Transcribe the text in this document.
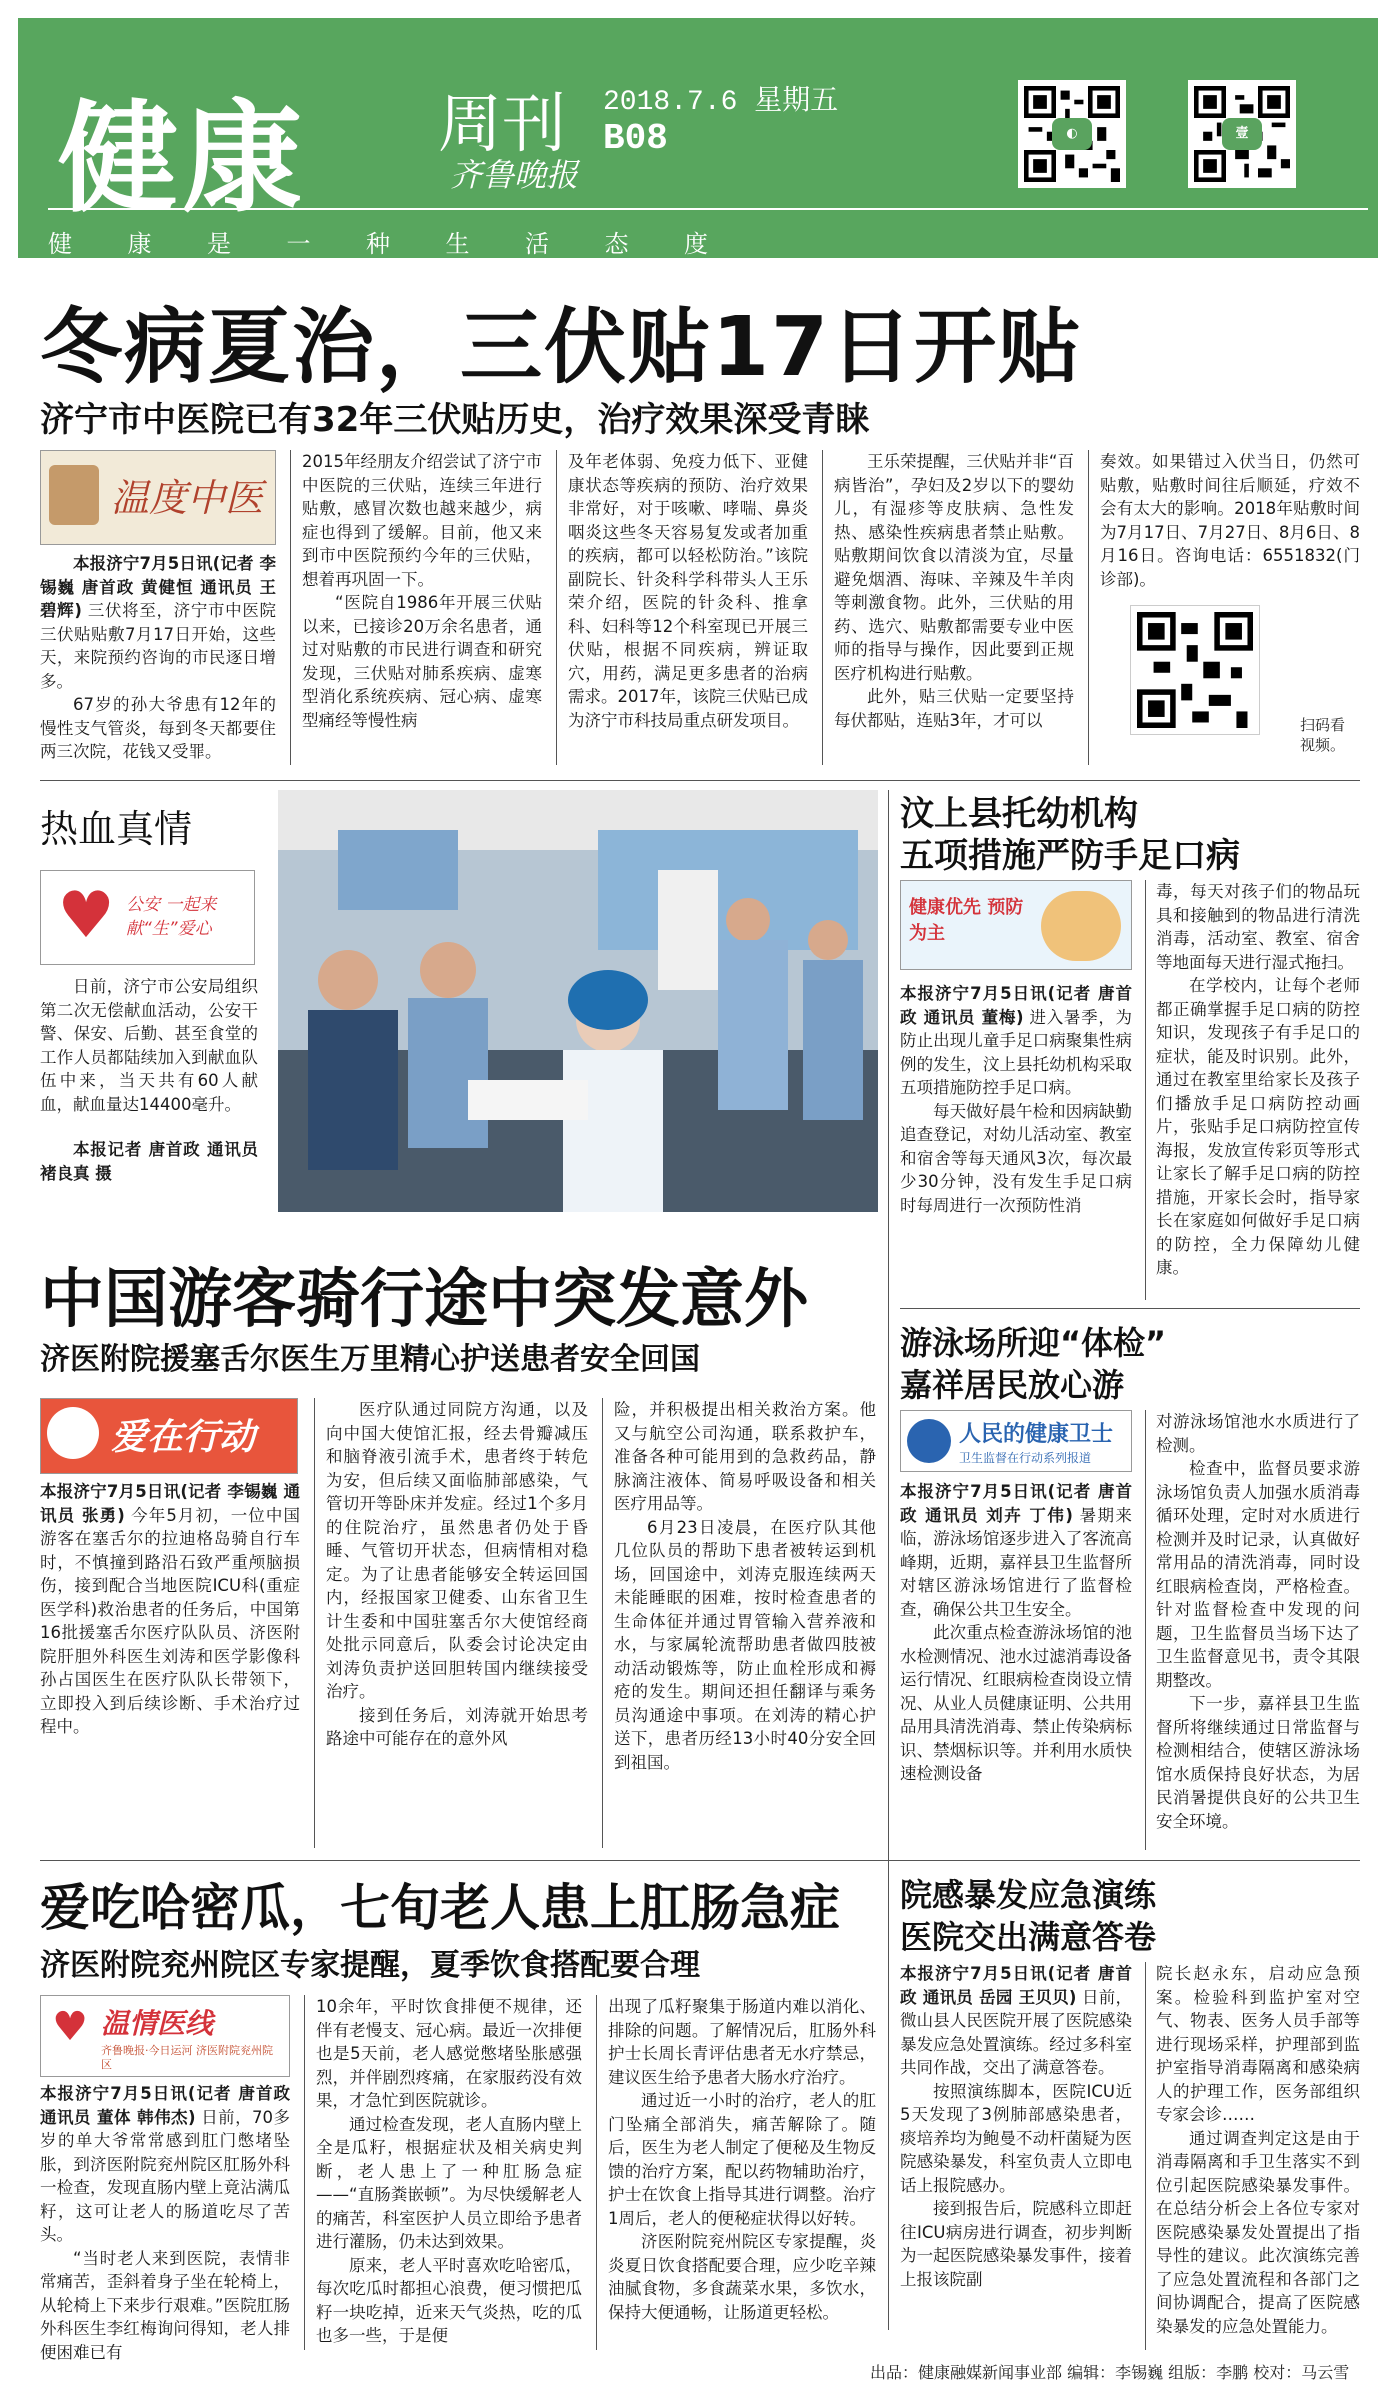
健康 周刊 2018.7.6 星期五
B08
齐鲁晚报
健 康 是 一 种 生 活 态 度
◐	壹
冬病夏治，三伏贴17日开贴
济宁市中医院已有32年三伏贴历史，治疗效果深受青睐
温度中医

本报济宁7月5日讯(记者 李锡巍 唐首政 黄健恒 通讯员 王碧辉) 三伏将至，济宁市中医院三伏贴贴敷7月17日开始，这些天，来院预约咨询的市民逐日增多。

67岁的孙大爷患有12年的慢性支气管炎，每到冬天都要住两三次院，花钱又受罪。

2015年经朋友介绍尝试了济宁市中医院的三伏贴，连续三年进行贴敷，感冒次数也越来越少，病症也得到了缓解。目前，他又来到市中医院预约今年的三伏贴，想着再巩固一下。

“医院自1986年开展三伏贴以来，已接诊20万余名患者，通过对贴敷的市民进行调查和研究发现，三伏贴对肺系疾病、虚寒型消化系统疾病、冠心病、虚寒型痛经等慢性病

及年老体弱、免疫力低下、亚健康状态等疾病的预防、治疗效果非常好，对于咳嗽、哮喘、鼻炎咽炎这些冬天容易复发或者加重的疾病，都可以轻松防治。”该院副院长、针灸科学科带头人王乐荣介绍，医院的针灸科、推拿科、妇科等12个科室现已开展三伏贴，根据不同疾病，辨证取穴，用药，满足更多患者的治病需求。2017年，该院三伏贴已成为济宁市科技局重点研发项目。

王乐荣提醒，三伏贴并非“百病皆治”，孕妇及2岁以下的婴幼儿，有湿疹等皮肤病、急性发热、感染性疾病患者禁止贴敷。贴敷期间饮食以清淡为宜，尽量避免烟酒、海味、辛辣及牛羊肉等刺激食物。此外，三伏贴的用药、选穴、贴敷都需要专业中医师的指导与操作，因此要到正规医疗机构进行贴敷。

此外，贴三伏贴一定要坚持每伏都贴，连贴3年，才可以

奏效。如果错过入伏当日，仍然可贴敷，贴敷时间往后顺延，疗效不会有太大的影响。2018年贴敷时间为7月17日、7月27日、8月6日、8月16日。咨询电话：6551832(门诊部)。

扫码看视频。
热血真情
♥ 公安 一起来献“生”爱心

日前，济宁市公安局组织第二次无偿献血活动，公安干警、保安、后勤、甚至食堂的工作人员都陆续加入到献血队伍中来，当天共有60人献血，献血量达14400毫升。

本报记者 唐首政 通讯员 褚良真 摄

汶上县托幼机构
五项措施严防手足口病
健康优先 预防为主

本报济宁7月5日讯(记者 唐首政 通讯员 董梅) 进入暑季，为防止出现儿童手足口病聚集性病例的发生，汶上县托幼机构采取五项措施防控手足口病。

每天做好晨午检和因病缺勤追查登记，对幼儿活动室、教室和宿舍等每天通风3次，每次最少30分钟，没有发生手足口病时每周进行一次预防性消

毒，每天对孩子们的物品玩具和接触到的物品进行清洗消毒，活动室、教室、宿舍等地面每天进行湿式拖扫。

在学校内，让每个老师都正确掌握手足口病的防控知识，发现孩子有手足口的症状，能及时识别。此外，通过在教室里给家长及孩子们播放手足口病防控动画片，张贴手足口病防控宣传海报，发放宣传彩页等形式让家长了解手足口病的防控措施，开家长会时，指导家长在家庭如何做好手足口病的防控，全力保障幼儿健康。

中国游客骑行途中突发意外
济医附院援塞舌尔医生万里精心护送患者安全回国
爱在行动

本报济宁7月5日讯(记者 李锡巍 通讯员 张勇) 今年5月初，一位中国游客在塞舌尔的拉迪格岛骑自行车时，不慎撞到路沿石致严重颅脑损伤，接到配合当地医院ICU科(重症医学科)救治患者的任务后，中国第16批援塞舌尔医疗队队员、济医附院肝胆外科医生刘涛和医学影像科孙占国医生在医疗队队长带领下，立即投入到后续诊断、手术治疗过程中。

医疗队通过同院方沟通，以及向中国大使馆汇报，经去骨瓣减压和脑脊液引流手术，患者终于转危为安，但后续又面临肺部感染，气管切开等卧床并发症。经过1个多月的住院治疗，虽然患者仍处于昏睡、气管切开状态，但病情相对稳定。为了让患者能够安全转运回国内，经报国家卫健委、山东省卫生计生委和中国驻塞舌尔大使馆经商处批示同意后，队委会讨论决定由刘涛负责护送回胆转国内继续接受治疗。

接到任务后，刘涛就开始思考路途中可能存在的意外风

险，并积极提出相关救治方案。他又与航空公司沟通，联系救护车，准备各种可能用到的急救药品，静脉滴注液体、简易呼吸设备和相关医疗用品等。

6月23日凌晨，在医疗队其他几位队员的帮助下患者被转运到机场，回国途中，刘涛克服连续两天未能睡眠的困难，按时检查患者的生命体征并通过胃管输入营养液和水，与家属轮流帮助患者做四肢被动活动锻炼等，防止血栓形成和褥疮的发生。期间还担任翻译与乘务员沟通途中事项。在刘涛的精心护送下，患者历经13小时40分安全回到祖国。

游泳场所迎“体检”
嘉祥居民放心游
人民的健康卫士
卫生监督在行动系列报道

本报济宁7月5日讯(记者 唐首政 通讯员 刘卉 丁伟) 暑期来临，游泳场馆逐步进入了客流高峰期，近期，嘉祥县卫生监督所对辖区游泳场馆进行了监督检查，确保公共卫生安全。

此次重点检查游泳场馆的池水检测情况、池水过滤消毒设备运行情况、红眼病检查岗设立情况、从业人员健康证明、公共用品用具清洗消毒、禁止传染病标识、禁烟标识等。并利用水质快速检测设备

对游泳场馆池水水质进行了检测。

检查中，监督员要求游泳场馆负责人加强水质消毒循环处理，定时对水质进行检测并及时记录，认真做好常用品的清洗消毒，同时设红眼病检查岗，严格检查。针对监督检查中发现的问题，卫生监督员当场下达了卫生监督意见书，责令其限期整改。

下一步，嘉祥县卫生监督所将继续通过日常监督与检测相结合，使辖区游泳场馆水质保持良好状态，为居民消暑提供良好的公共卫生安全环境。

爱吃哈密瓜，七旬老人患上肛肠急症
济医附院兖州院区专家提醒，夏季饮食搭配要合理
♥ 温情医线
齐鲁晚报·今日运河 济医附院兖州院区

本报济宁7月5日讯(记者 唐首政 通讯员 董体 韩伟杰) 日前，70多岁的单大爷常常感到肛门憋堵坠胀，到济医附院兖州院区肛肠外科一检查，发现直肠内壁上竟沾满瓜籽，这可让老人的肠道吃尽了苦头。

“当时老人来到医院，表情非常痛苦，歪斜着身子坐在轮椅上，从轮椅上下来步行艰难。”医院肛肠外科医生李红梅询问得知，老人排便困难已有

10余年，平时饮食排便不规律，还伴有老慢支、冠心病。最近一次排便也是5天前，老人感觉憋堵坠胀感强烈，并伴剧烈疼痛，在家服药没有效果，才急忙到医院就诊。

通过检查发现，老人直肠内壁上全是瓜籽，根据症状及相关病史判断，老人患上了一种肛肠急症——“直肠粪嵌顿”。为尽快缓解老人的痛苦，科室医护人员立即给予患者进行灌肠，仍未达到效果。

原来，老人平时喜欢吃哈密瓜，每次吃瓜时都担心浪费，便习惯把瓜籽一块吃掉，近来天气炎热，吃的瓜也多一些，于是便

出现了瓜籽聚集于肠道内难以消化、排除的问题。了解情况后，肛肠外科护士长周长青评估患者无水疗禁忌，建议医生给予患者大肠水疗治疗。

通过近一小时的治疗，老人的肛门坠痛全部消失，痛苦解除了。随后，医生为老人制定了便秘及生物反馈的治疗方案，配以药物辅助治疗，护士在饮食上指导其进行调整。治疗1周后，老人的便秘症状得以好转。

济医附院兖州院区专家提醒，炎炎夏日饮食搭配要合理，应少吃辛辣油腻食物，多食蔬菜水果，多饮水，保持大便通畅，让肠道更轻松。

院感暴发应急演练
医院交出满意答卷

本报济宁7月5日讯(记者 唐首政 通讯员 岳园 王贝贝) 日前，微山县人民医院开展了医院感染暴发应急处置演练。经过多科室共同作战，交出了满意答卷。

按照演练脚本，医院ICU近5天发现了3例肺部感染患者，痰培养均为鲍曼不动杆菌疑为医院感染暴发，科室负责人立即电话上报院感办。

接到报告后，院感科立即赶往ICU病房进行调查，初步判断为一起医院感染暴发事件，接着上报该院副

院长赵永东，启动应急预案。检验科到监护室对空气、物表、医务人员手部等进行现场采样，护理部到监护室指导消毒隔离和感染病人的护理工作，医务部组织专家会诊……

通过调查判定这是由于消毒隔离和手卫生落实不到位引起医院感染暴发事件。在总结分析会上各位专家对医院感染暴发处置提出了指导性的建议。此次演练完善了应急处置流程和各部门之间协调配合，提高了医院感染暴发的应急处置能力。

出品：健康融媒新闻事业部 编辑：李锡巍 组版：李鹏 校对：马云雪
